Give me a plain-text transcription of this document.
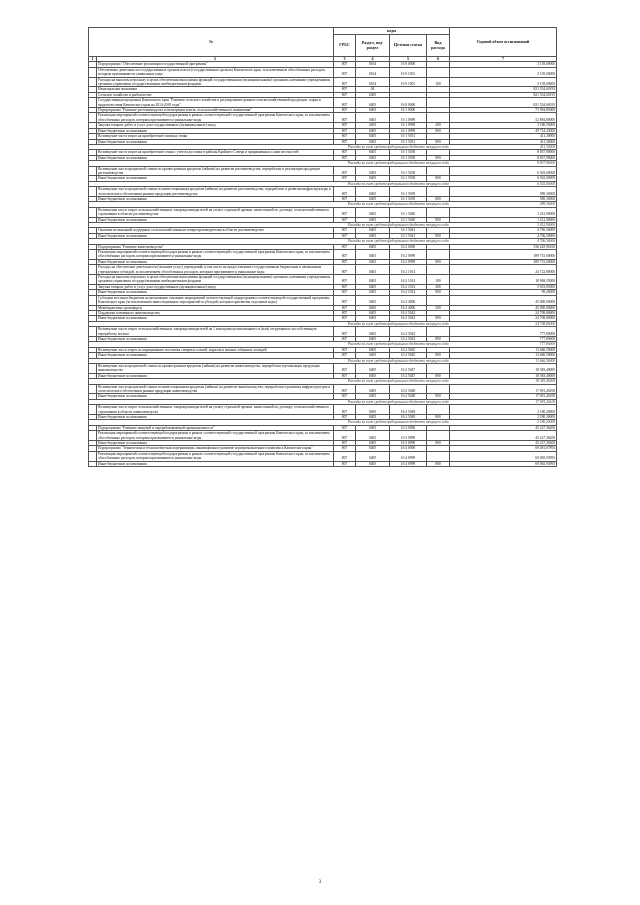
№		коды				Годовой объем ассигнований
		ГРБС	Раздел, под- раздел	Целевая статья	Вид расхода	
1	2	3	4	5	6	7
	Подпрограмма "Обеспечение реализации государственной программы"	807	0104	16 9 0000		3 139,00000
	Обеспечение деятельности государственных органов власти (государственных органов) Камчатского края, за исключением обособленных расходов, которым присваиваются уникальные коды	807	0104	16 9 1001		3 139,00000
	Расходы на выплаты персоналу в целях обеспечения выполнения функций государственными (муниципальными) органами, казенными учреждениями, органами управления государственными внебюджетными фондами	807	0104	16 9 1001	100	3 139,00000
	Национальная экономика	807	04			821 534,60193
	Сельское хозяйство и рыболовство	807	0405			821 534,60193
	Государственная программа Камчатского края "Развитие сельского хозяйства и регулирование рынков сельскохозяйственной продукции, сырья и продовольствия Камчатского края на 2014-2018 годы"	807	0405	16 0 0000		821 534,60193
	Подпрограмма "Развитие растениеводства и мелиорация земель сельскохозяйственного назначения"	807	0405	16 1 0000		75 994,85000
	Реализация мероприятий соответствующей подпрограммы в рамках соответствующей государственной программы Камчатского края, за исключением обособленных расходов, которым присваиваются уникальные коды	807	0405	16 1 0999		52 894,80000
	Закупка товаров, работ и услуг для государственных (муниципальных) нужд	807	0405	16 1 0999	200	3 180,55000
	Иные бюджетные ассигнования	807	0405	16 1 0999	800	49 714,43000
	Возмещение части затрат на приобретение элитных семян	807	0405	16 1 5031		411,30000
	Иные бюджетные ассигнования	807	0405	16 1 5031	800	411,30000
	Расходы за счет средств федерального бюджета текущего года					411,30000
	Возмещение части затрат на приобретение семян с учетом доставки в районы Крайнего Севера и приравненных к ним местностей	807	0405	16 1 5038		8 837,90000
	Иные бюджетные ассигнования	807	0405	16 1 5038	800	8 837,90000
	Расходы за счет средств федерального бюджета текущего года					8 837,90000
	Возмещение части процентной ставки по краткосрочным кредитам (займам) на развитие растениеводства, переработки и реализации продукции растениеводства	807	0405	16 1 5038		6 502,00000
	Иные бюджетные ассигнования	807	0405	16 1 5038	800	6 502,00000
	Расходы за счет средств федерального бюджета текущего года					6 502,00000
	Возмещение части процентной ставки по инвестиционным кредитам (займам) на развитие растениеводства, переработки и развития инфраструктуры и логистического обеспечения рынков продукции растениеводства	807	0405	16 1 5039		589,30000
	Иные бюджетные ассигнования	807	0405	16 1 5039	800	589,30000
	Расходы за счет средств федерального бюджета текущего года					589,30000
	Возмещение части затрат сельскохозяйственных товаропроизводителей на уплату страховой премии, начисленной по договору сельскохозяйственного страхования в области растениеводства	807	0405	16 1 5040		1 412,90000
	Иные бюджетные ассигнования	807	0405	16 1 5040	800	1 412,90000
	Расходы за счет средств федерального бюджета текущего года					1 412,90000
	Оказание несвязанной поддержки сельскохозяйственным товаропроизводителям в области растениеводства	807	0405	16 1 5041		4 706,50000
	Иные бюджетные ассигнования	807	0405	16 1 5041	800	4 706,50000
	Расходы за счет средств федерального бюджета текущего года					4 706,50000
	Подпрограмма "Развитие животноводства"	807	0405	16 2 0000		536 245,96100
	Реализация мероприятий соответствующей подпрограммы в рамках соответствующей государственной программы Камчатского края, за исключением обособленных расходов, которым присваиваются уникальные коды	807	0405	16 2 0999		389 715,00000
	Иные бюджетные ассигнования	807	0405	16 2 0999	800	389 715,00000
	Расходы на обеспечение деятельности (оказание услуг) учреждений, в том числе на предоставление государственным бюджетным и автономным учреждениям субсидий, за исключением обособленных расходов, которым присваиваются уникальные коды	807	0405	16 2 1014		24 722,80000
	Расходы на выплаты персоналу в целях обеспечения выполнения функций государственными (муниципальными) органами, казенными учреждениями, органами управления государственными внебюджетными фондами	807	0405	16 2 1014	100	18 969,55000
	Закупка товаров, работ и услуг для государственных (муниципальных) нужд	807	0405	16 2 1014	200	5 653,85000
	Иные бюджетные ассигнования	807	0405	16 2 1014	800	99,40000
	Субсидии местным бюджетам на реализацию основных мероприятий соответствующей подпрограммы соответствующей государственной программы Камчатского края (за исключением инвестиционных мероприятий и субсидий, которым присвоены отдельные коды)	807	0405	16 2 4006		45 000,00000
	Межбюджетные трансферты	807	0405	16 2 4006	500	45 000,00000
	Поддержка племенного животноводства	807	0405	16 2 5042		24 708,80000
	Иные бюджетные ассигнования	807	0405	16 2 5042	800	24 708,80000
	Расходы за счет средств федерального бюджета текущего года					24 708,80000
	Возмещение части затрат сельскохозяйственных товаропроизводителей на 1 килограмм реализованного и (или) отгруженного на собственную переработку молока	807	0405	16 2 5043		777,80000
	Иные бюджетные ассигнования	807	0405	16 2 5043	800	777,80000
	Расходы за счет средств федерального бюджета текущего года					777,80000
	Возмещение части затрат по наращиванию поголовья северных оленей, маралов и мясных табунных лошадей	807	0405	16 2 5045		13 666,50000
	Иные бюджетные ассигнования	807	0405	16 2 5045	800	13 666,50000
	Расходы за счет средств федерального бюджета текущего года					13 666,50000
	Возмещение части процентной ставки по краткосрочным кредитам (займам) на развитие животноводства, переработки и реализации продукции животноводства	807	0405	16 2 5047		18 383,40000
	Иные бюджетные ассигнования	807	0405	16 2 5047	800	18 383,40000
	Расходы за счет средств федерального бюджета текущего года					18 383,40000
	Возмещение части процентной ставки по инвестиционным кредитам (займам) на развитие животноводства, переработки и развития инфраструктуры и логистического обеспечения рынков продукции животноводства	807	0405	16 2 5048		17 091,26100
	Иные бюджетные ассигнования	807	0405	16 2 5048	800	17 091,26100
	Расходы за счет средств федерального бюджета текущего года					17 091,26100
	Возмещение части затрат сельскохозяйственных товаропроизводителей на уплату страховой премии, начисленной по договору сельскохозяйственного страхования в области животноводства	807	0405	16 2 5049		2 180,20000
	Иные бюджетные ассигнования	807	0405	16 2 5049	800	2 180,20000
	Расходы за счет средств федерального бюджета текущего года					2 180,20000
	Подпрограмма "Развитие пищевой и перерабатывающей промышленности"	807	0405	16 3 0000		45 227,36200
	Реализация мероприятий соответствующей подпрограммы в рамках соответствующей государственной программы Камчатского края, за исключением обособленных расходов, которым присваиваются уникальные коды	807	0405	16 3 0999		45 227,36200
	Иные бюджетные ассигнования	807	0405	16 3 0999	800	45 227,36200
	Подпрограмма "Техническая и технологическая модернизация, инновационное развитие агропромышленного комплекса Камчатского края"	807	0405	16 4 0000		69 481,67893
	Реализация мероприятий соответствующей подпрограммы в рамках соответствующей государственной программы Камчатского края, за исключением обособленных расходов, которым присваиваются уникальные коды	807	0405	16 4 0999		69 065,93993
	Иные бюджетные ассигнования	807	0405	16 4 0999	800	69 065,93993
3
